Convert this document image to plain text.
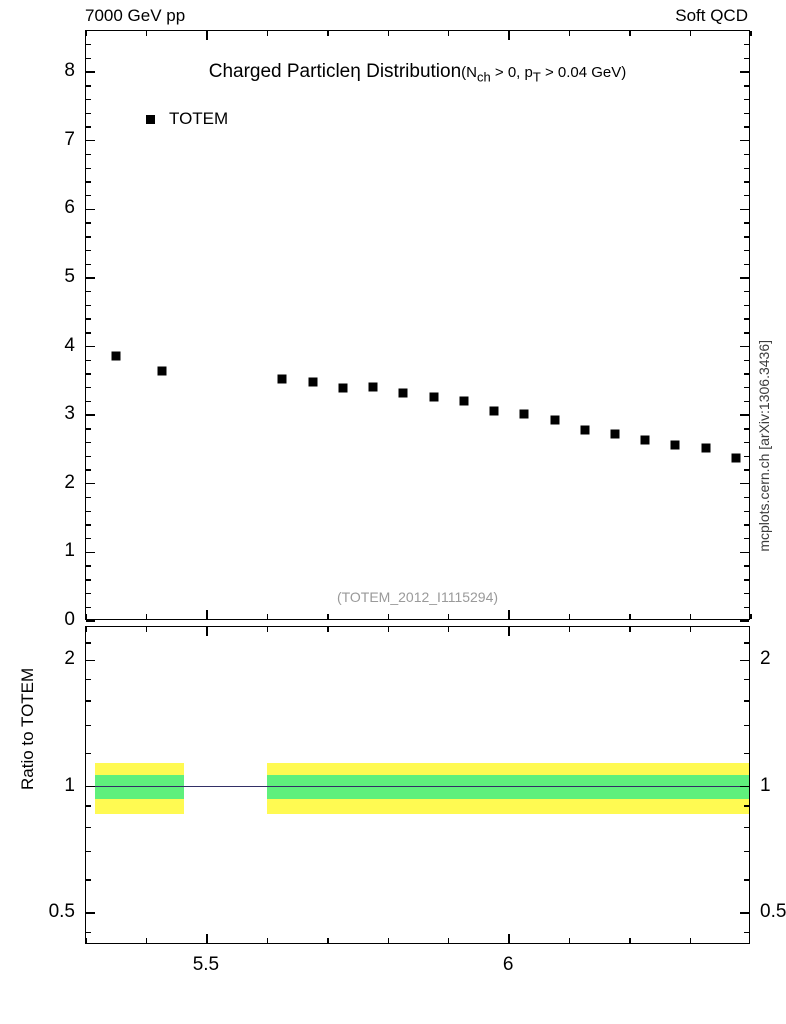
7000 GeV pp	Soft QCD
mcplots.cern.ch [arXiv:1306.3436]
Charged Particleη Distribution(Nch > 0, pT > 0.04 GeV)
TOTEM
(TOTEM_2012_I1115294)
0
1
2
3
4
5
6
7
8
Ratio to TOTEM
0.5	0.5
1	1
2	2
5.5	6
